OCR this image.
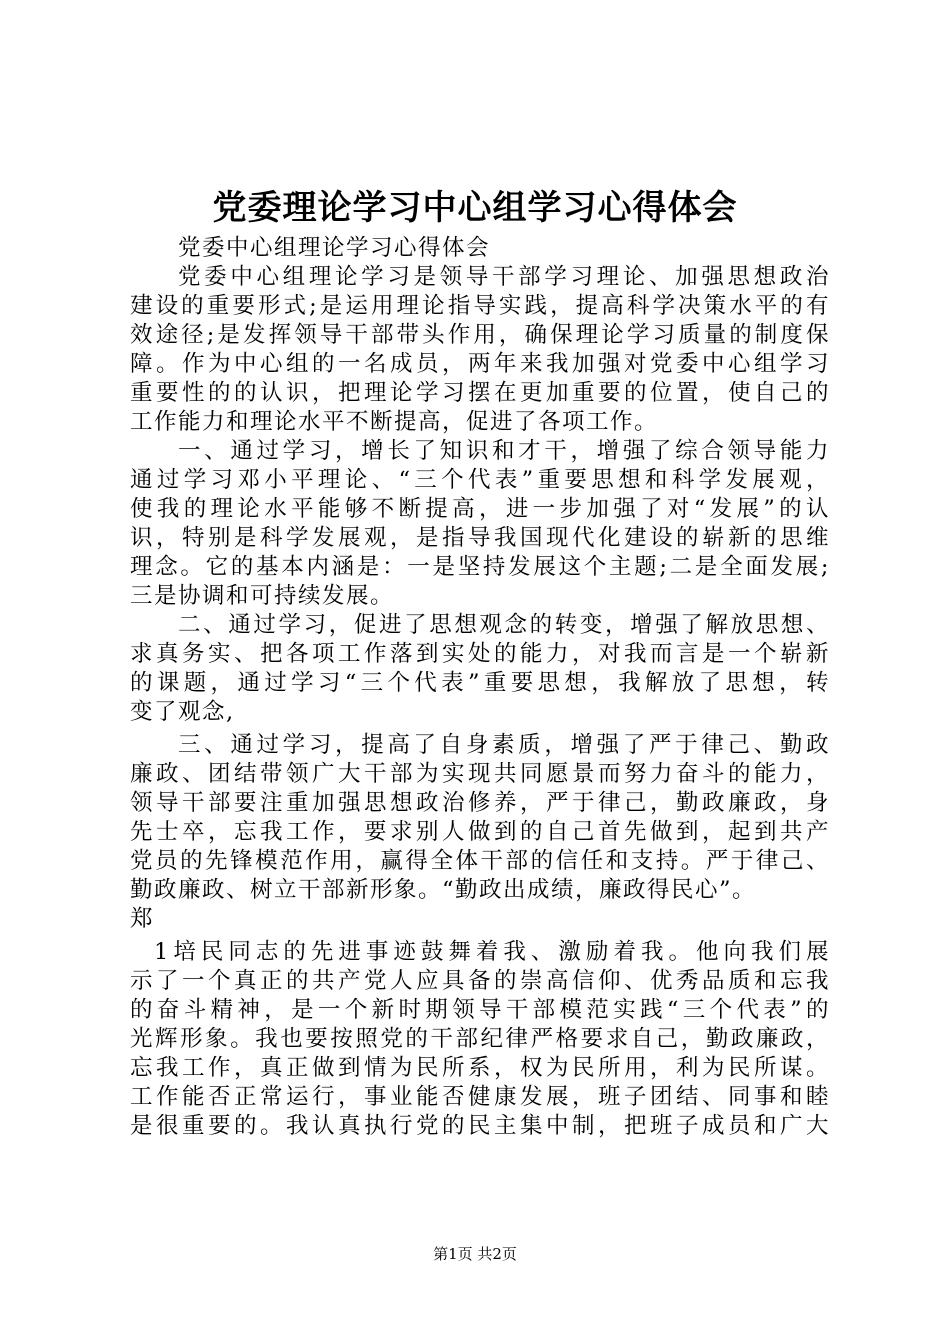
党委理论学习中心组学习心得体会
党委中心组理论学习心得体会
党委中心组理论学习是领导干部学习理论、加强思想政治
建设的重要形式;是运用理论指导实践，提高科学决策水平的有
效途径;是发挥领导干部带头作用，确保理论学习质量的制度保
障。作为中心组的一名成员，两年来我加强对党委中心组学习
重要性的的认识，把理论学习摆在更加重要的位置，使自己的
工作能力和理论水平不断提高，促进了各项工作。
一、通过学习，增长了知识和才干，增强了综合领导能力
通过学习邓小平理论、“三个代表”重要思想和科学发展观，
使我的理论水平能够不断提高，进一步加强了对“发展”的认
识，特别是科学发展观，是指导我国现代化建设的崭新的思维
理念。它的基本内涵是：一是坚持发展这个主题;二是全面发展;
三是协调和可持续发展。
二、通过学习，促进了思想观念的转变，增强了解放思想、
求真务实、把各项工作落到实处的能力，对我而言是一个崭新
的课题，通过学习“三个代表”重要思想，我解放了思想，转
变了观念,
三、通过学习，提高了自身素质，增强了严于律己、勤政
廉政、团结带领广大干部为实现共同愿景而努力奋斗的能力，
领导干部要注重加强思想政治修养，严于律己，勤政廉政，身
先士卒，忘我工作，要求别人做到的自己首先做到，起到共产
党员的先锋模范作用，赢得全体干部的信任和支持。严于律己、
勤政廉政、树立干部新形象。“勤政出成绩，廉政得民心”。
郑
1培民同志的先进事迹鼓舞着我、激励着我。他向我们展
示了一个真正的共产党人应具备的崇高信仰、优秀品质和忘我
的奋斗精神，是一个新时期领导干部模范实践“三个代表”的
光辉形象。我也要按照党的干部纪律严格要求自己，勤政廉政，
忘我工作，真正做到情为民所系，权为民所用，利为民所谋。
工作能否正常运行，事业能否健康发展，班子团结、同事和睦
是很重要的。我认真执行党的民主集中制，把班子成员和广大
第1页 共2页
